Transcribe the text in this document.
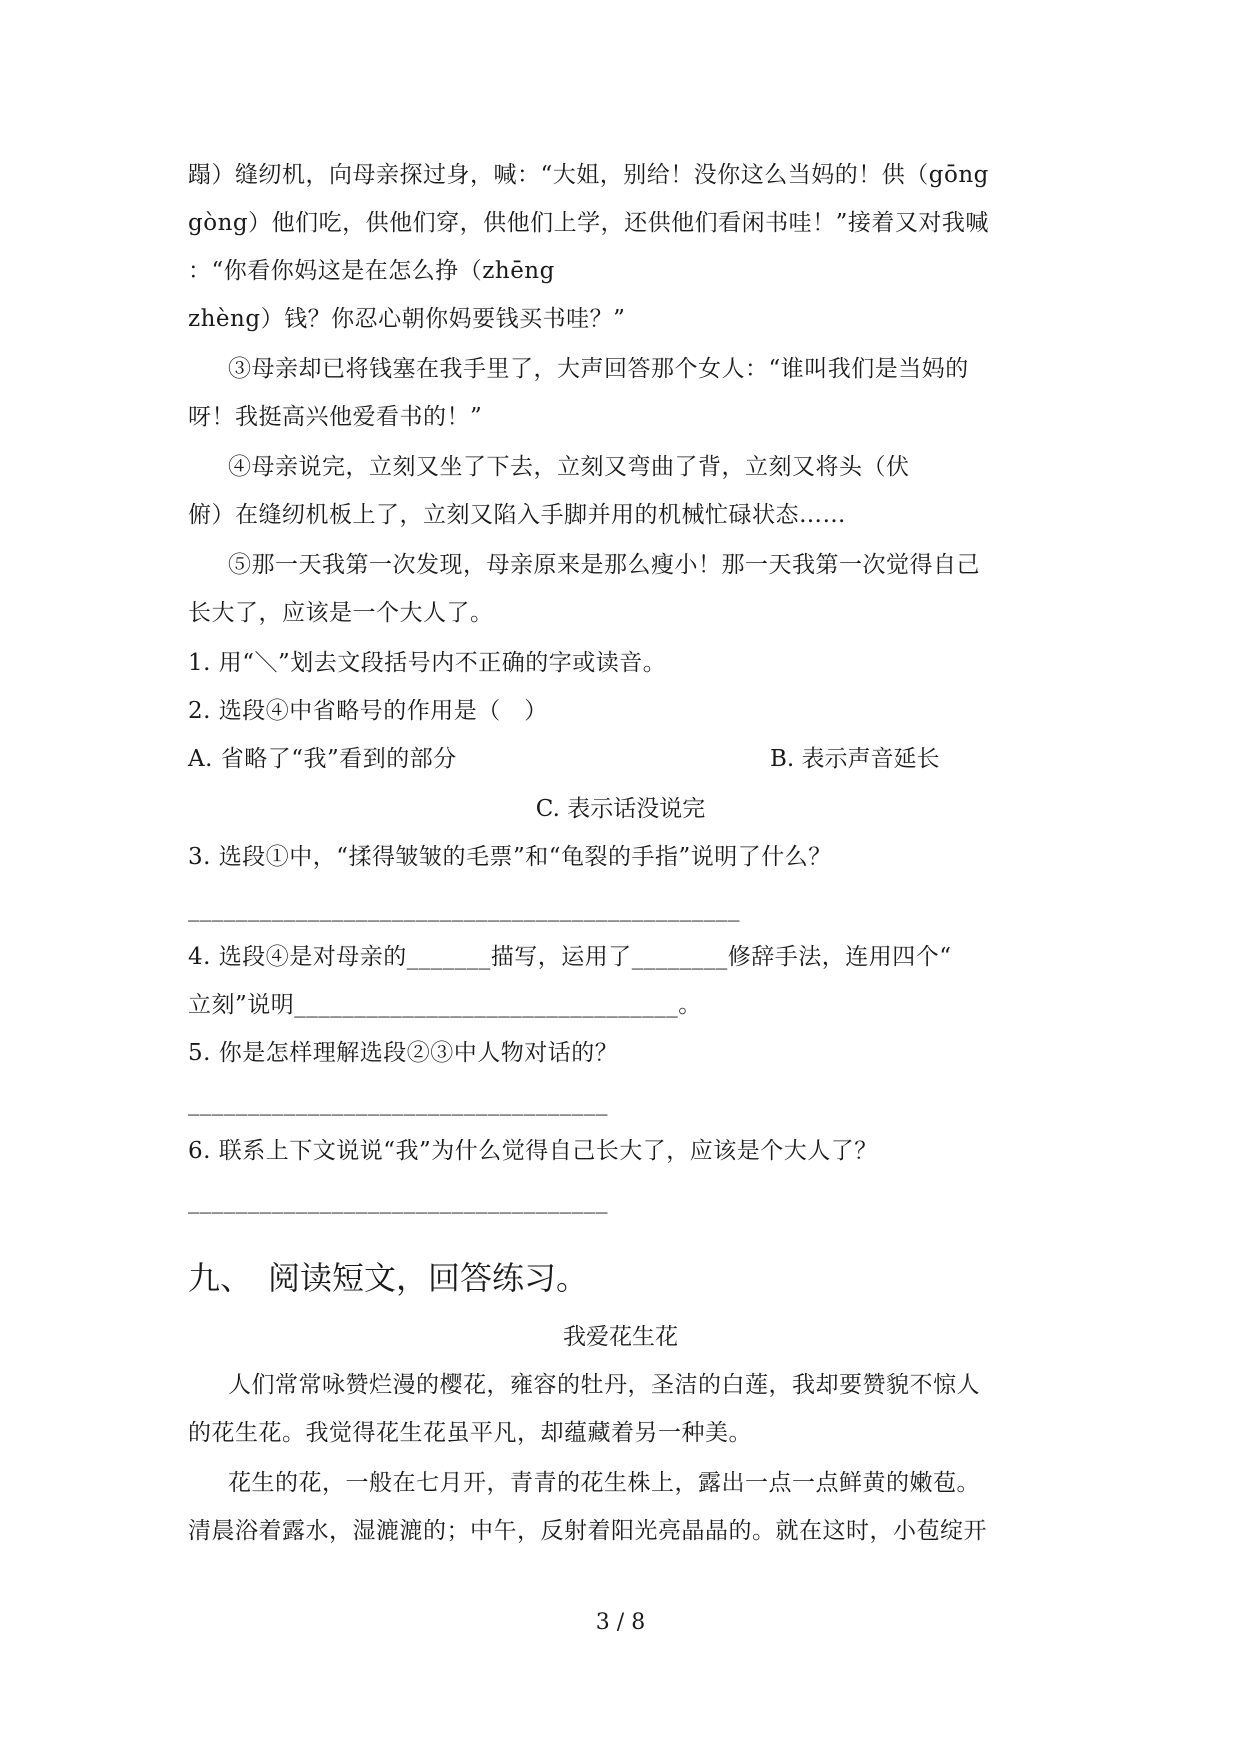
蹋）缝纫机，向母亲探过身，喊：“大姐，别给！没你这么当妈的！供（gōng
gòng）他们吃，供他们穿，供他们上学，还供他们看闲书哇！”接着又对我喊
：“你看你妈这是在怎么挣（zhēng
zhèng）钱？你忍心朝你妈要钱买书哇？”
③母亲却已将钱塞在我手里了，大声回答那个女人：“谁叫我们是当妈的
呀！我挺高兴他爱看书的！”
④母亲说完，立刻又坐了下去，立刻又弯曲了背，立刻又将头（伏
俯）在缝纫机板上了，立刻又陷入手脚并用的机械忙碌状态……
⑤那一天我第一次发现，母亲原来是那么瘦小！那一天我第一次觉得自己
长大了，应该是一个大人了。
1. 用“＼”划去文段括号内不正确的字或读音。
2. 选段④中省略号的作用是（　）
A. 省略了“我”看到的部分	B. 表示声音延长
C. 表示话没说完
3. 选段①中，“揉得皱皱的毛票”和“龟裂的手指”说明了什么？
______________________________________________
4. 选段④是对母亲的_______描写，运用了________修辞手法，连用四个“
立刻”说明________________________________。
5. 你是怎样理解选段②③中人物对话的？
___________________________________
6. 联系上下文说说“我”为什么觉得自己长大了，应该是个大人了？
___________________________________
九、　阅读短文，回答练习。
我爱花生花
人们常常咏赞烂漫的樱花，雍容的牡丹，圣洁的白莲，我却要赞貌不惊人
的花生花。我觉得花生花虽平凡，却蕴藏着另一种美。
花生的花，一般在七月开，青青的花生株上，露出一点一点鲜黄的嫩苞。
清晨浴着露水，湿漉漉的；中午，反射着阳光亮晶晶的。就在这时，小苞绽开
3 / 8
